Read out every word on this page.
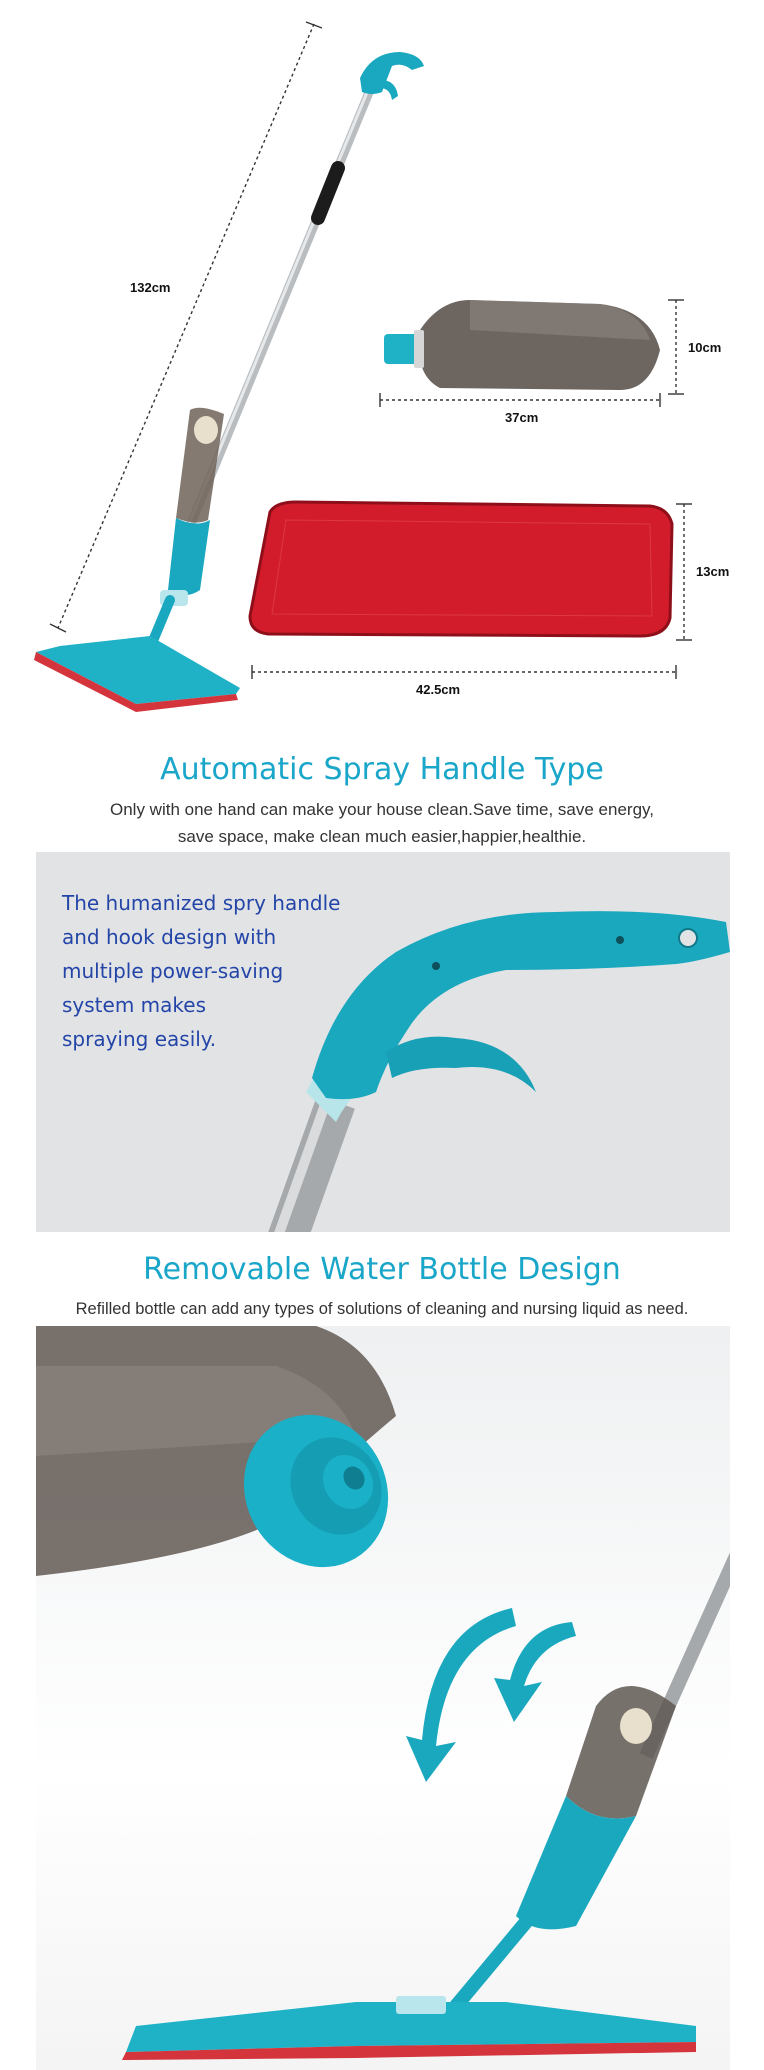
132cm
10cm
37cm
13cm
42.5cm
Automatic Spray Handle Type
Only with one hand can make your house clean.Save time, save energy,
save space, make clean much easier,happier,healthie.
The humanized spry handle
and hook design with
multiple power-saving
system makes
spraying easily.
Removable Water Bottle Design
Refilled bottle can add any types of solutions of cleaning and nursing liquid as need.
